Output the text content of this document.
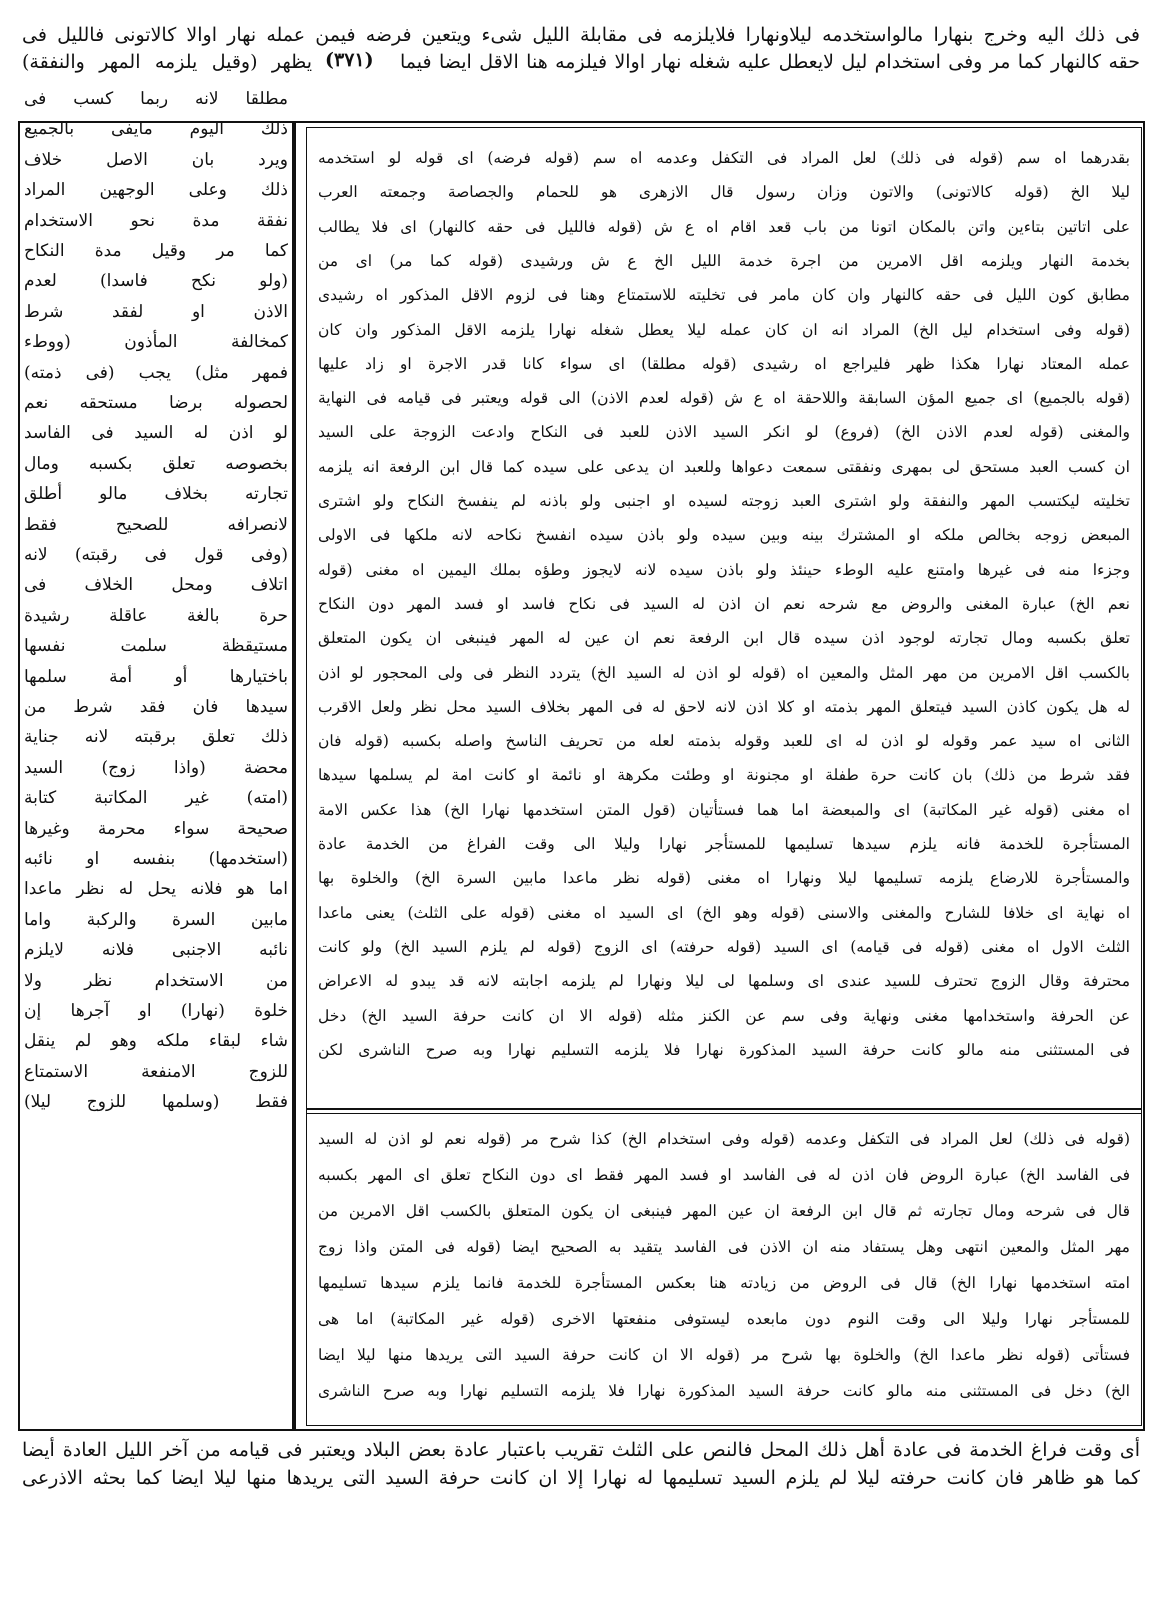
فى ذلك اليه وخرج بنهارا مالواستخدمه ليلاونهارا فلايلزمه فى مقابلة الليل شىء ويتعين فرضه فيمن عمله نهار اوالا كالاتونى فالليل فى
حقه كالنهار كما مر وفى استخدام ليل لايعطل عليه شغله نهار اوالا فيلزمه هنا الاقل ايضا فيما
(٣٧١)
يظهر (وقيل يلزمه المهر والنفقة)
مطلقا لانه ربما كسب فى
ذلك اليوم مايفى بالجميع
ويرد بان الاصل خلاف
ذلك وعلى الوجهين المراد
نفقة مدة نحو الاستخدام
كما مر وقيل مدة النكاح
(ولو نكح فاسدا) لعدم
الاذن او لفقد شرط
كمخالفة المأذون (ووطء
فمهر مثل) يجب (فى ذمته)
لحصوله برضا مستحقه نعم
لو اذن له السيد فى الفاسد
بخصوصه تعلق بكسبه ومال
تجارته بخلاف مالو أطلق
لانصرافه للصحيح فقط
(وفى قول فى رقبته) لانه
اتلاف ومحل الخلاف فى
حرة بالغة عاقلة رشيدة
مستيقظة سلمت نفسها
باختيارها أو أمة سلمها
سيدها فان فقد شرط من
ذلك تعلق برقبته لانه جناية
محضة (واذا زوج) السيد
(امته) غير المكاتبة كتابة
صحيحة سواء محرمة وغيرها
(استخدمها) بنفسه او نائبه
اما هو فلانه يحل له نظر ماعدا
مابين السرة والركبة واما
نائبه الاجنبى فلانه لايلزم
من الاستخدام نظر ولا
خلوة (نهارا) او آجرها إن
شاء لبقاء ملكه وهو لم ينقل
للزوج الامنفعة الاستمتاع
فقط (وسلمها للزوج ليلا)
بقدرهما اه سم (قوله فى ذلك) لعل المراد فى التكفل وعدمه اه سم (قوله فرضه) اى قوله لو استخدمه
ليلا الخ (قوله كالاتونى) والاتون وزان رسول قال الازهرى هو للحمام والجصاصة وجمعته العرب
على اتاتين بتاءين واتن بالمكان اتونا من باب قعد اقام اه ع ش (قوله فالليل فى حقه كالنهار) اى فلا يطالب
بخدمة النهار ويلزمه اقل الامرين من اجرة خدمة الليل الخ ع ش ورشيدى (قوله كما مر) اى من
مطابق كون الليل فى حقه كالنهار وان كان مامر فى تخليته للاستمتاع وهنا فى لزوم الاقل المذكور اه رشيدى
(قوله وفى استخدام ليل الخ) المراد انه ان كان عمله ليلا يعطل شغله نهارا يلزمه الاقل المذكور وان كان
عمله المعتاد نهارا هكذا ظهر فليراجع اه رشيدى (قوله مطلقا) اى سواء كانا قدر الاجرة او زاد عليها
(قوله بالجميع) اى جميع المؤن السابقة واللاحقة اه ع ش (قوله لعدم الاذن) الى قوله ويعتبر فى قيامه فى النهاية
والمغنى (قوله لعدم الاذن الخ) (فروع) لو انكر السيد الاذن للعبد فى النكاح وادعت الزوجة على السيد
ان كسب العبد مستحق لى بمهرى ونفقتى سمعت دعواها وللعبد ان يدعى على سيده كما قال ابن الرفعة انه يلزمه
تخليته ليكتسب المهر والنفقة ولو اشترى العبد زوجته لسيده او اجنبى ولو باذنه لم ينفسخ النكاح ولو اشترى
المبعض زوجه بخالص ملكه او المشترك بينه وبين سيده ولو باذن سيده انفسخ نكاحه لانه ملكها فى الاولى
وجزءا منه فى غيرها وامتنع عليه الوطء حينئذ ولو باذن سيده لانه لايجوز وطؤه بملك اليمين اه مغنى (قوله
نعم الخ) عبارة المغنى والروض مع شرحه نعم ان اذن له السيد فى نكاح فاسد او فسد المهر دون النكاح
تعلق بكسبه ومال تجارته لوجود اذن سيده قال ابن الرفعة نعم ان عين له المهر فينبغى ان يكون المتعلق
بالكسب اقل الامرين من مهر المثل والمعين اه (قوله لو اذن له السيد الخ) يتردد النظر فى ولى المحجور لو اذن
له هل يكون كاذن السيد فيتعلق المهر بذمته او كلا اذن لانه لاحق له فى المهر بخلاف السيد محل نظر ولعل الاقرب
الثانى اه سيد عمر وقوله لو اذن له اى للعبد وقوله بذمته لعله من تحريف الناسخ واصله بكسبه (قوله فان
فقد شرط من ذلك) بان كانت حرة طفلة او مجنونة او وطئت مكرهة او نائمة او كانت امة لم يسلمها سيدها
اه مغنى (قوله غير المكاتبة) اى والمبعضة اما هما فستأتيان (قول المتن استخدمها نهارا الخ) هذا عكس الامة
المستأجرة للخدمة فانه يلزم سيدها تسليمها للمستأجر نهارا وليلا الى وقت الفراغ من الخدمة عادة
والمستأجرة للارضاع يلزمه تسليمها ليلا ونهارا اه مغنى (قوله نظر ماعدا مابين السرة الخ) والخلوة بها
اه نهاية اى خلافا للشارح والمغنى والاسنى (قوله وهو الخ) اى السيد اه مغنى (قوله على الثلث) يعنى ماعدا
الثلث الاول اه مغنى (قوله فى قيامه) اى السيد (قوله حرفته) اى الزوج (قوله لم يلزم السيد الخ) ولو كانت
محترفة وقال الزوج تحترف للسيد عندى اى وسلمها لى ليلا ونهارا لم يلزمه اجابته لانه قد يبدو له الاعراض
عن الحرفة واستخدامها مغنى ونهاية وفى سم عن الكنز مثله (قوله الا ان كانت حرفة السيد الخ) دخل
فى المستثنى منه مالو كانت حرفة السيد المذكورة نهارا فلا يلزمه التسليم نهارا وبه صرح الناشرى لكن
(قوله فى ذلك) لعل المراد فى التكفل وعدمه (قوله وفى استخدام الخ) كذا شرح مر (قوله نعم لو اذن له السيد
فى الفاسد الخ) عبارة الروض فان اذن له فى الفاسد او فسد المهر فقط اى دون النكاح تعلق اى المهر بكسبه
قال فى شرحه ومال تجارته ثم قال ابن الرفعة ان عين المهر فينبغى ان يكون المتعلق بالكسب اقل الامرين من
مهر المثل والمعين انتهى وهل يستفاد منه ان الاذن فى الفاسد يتقيد به الصحيح ايضا (قوله فى المتن واذا زوج
امته استخدمها نهارا الخ) قال فى الروض من زيادته هنا بعكس المستأجرة للخدمة فانما يلزم سيدها تسليمها
للمستأجر نهارا وليلا الى وقت النوم دون مابعده ليستوفى منفعتها الاخرى (قوله غير المكاتبة) اما هى
فستأتى (قوله نظر ماعدا الخ) والخلوة بها شرح مر (قوله الا ان كانت حرفة السيد التى يريدها منها ليلا ايضا
الخ) دخل فى المستثنى منه مالو كانت حرفة السيد المذكورة نهارا فلا يلزمه التسليم نهارا وبه صرح الناشرى
أى وقت فراغ الخدمة فى عادة أهل ذلك المحل فالنص على الثلث تقريب باعتبار عادة بعض البلاد ويعتبر فى قيامه من آخر الليل العادة أيضا
كما هو ظاهر فان كانت حرفته ليلا لم يلزم السيد تسليمها له نهارا إلا ان كانت حرفة السيد التى يريدها منها ليلا ايضا كما بحثه الاذرعى
